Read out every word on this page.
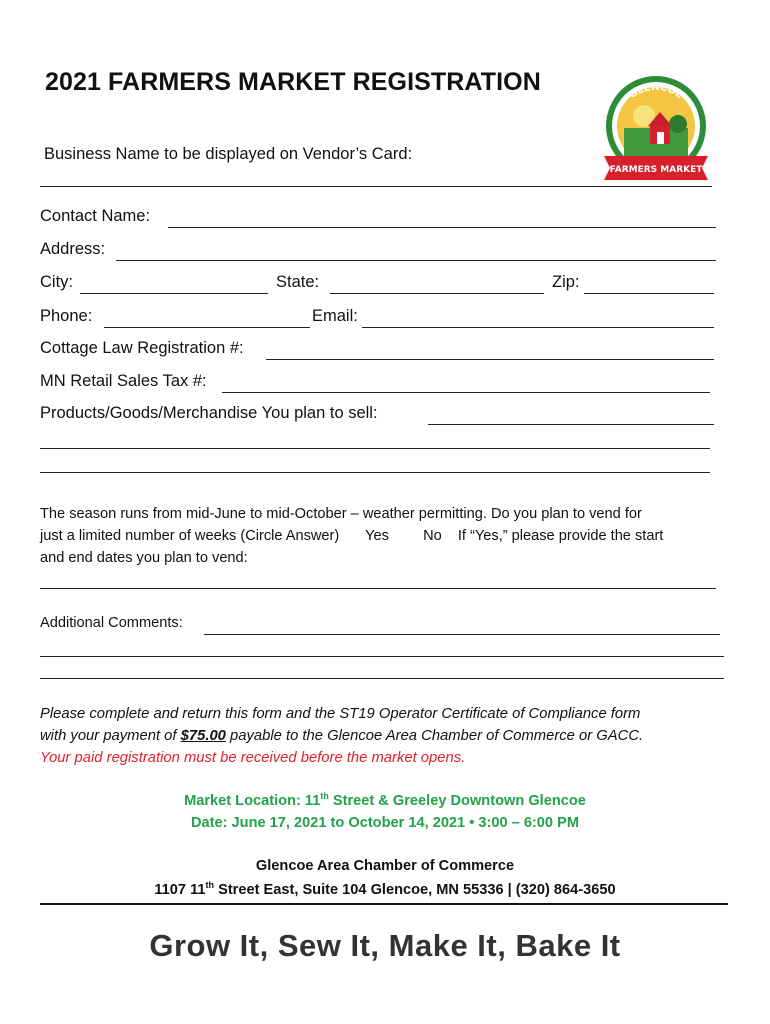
2021 FARMERS MARKET REGISTRATION	GLENCOE
FARMERS MARKET
Business Name to be displayed on Vendor’s Card:
Contact Name:
Address:
City:	State:	Zip:
Phone:	Email:
Cottage Law Registration #:
MN Retail Sales Tax #:
Products/Goods/Merchandise You plan to sell:
The season runs from mid-June to mid-October – weather permitting. Do you plan to vend for
just a limited number of weeks (Circle Answer) Yes No If “Yes,” please provide the start
and end dates you plan to vend:
Additional Comments:
Please complete and return this form and the ST19 Operator Certificate of Compliance form
with your payment of $75.00 payable to the Glencoe Area Chamber of Commerce or GACC.
Your paid registration must be received before the market opens.
Market Location: 11th Street & Greeley Downtown Glencoe
Date: June 17, 2021 to October 14, 2021 • 3:00 – 6:00 PM
Glencoe Area Chamber of Commerce
1107 11th Street East, Suite 104 Glencoe, MN 55336 | (320) 864-3650
Grow It, Sew It, Make It, Bake It
